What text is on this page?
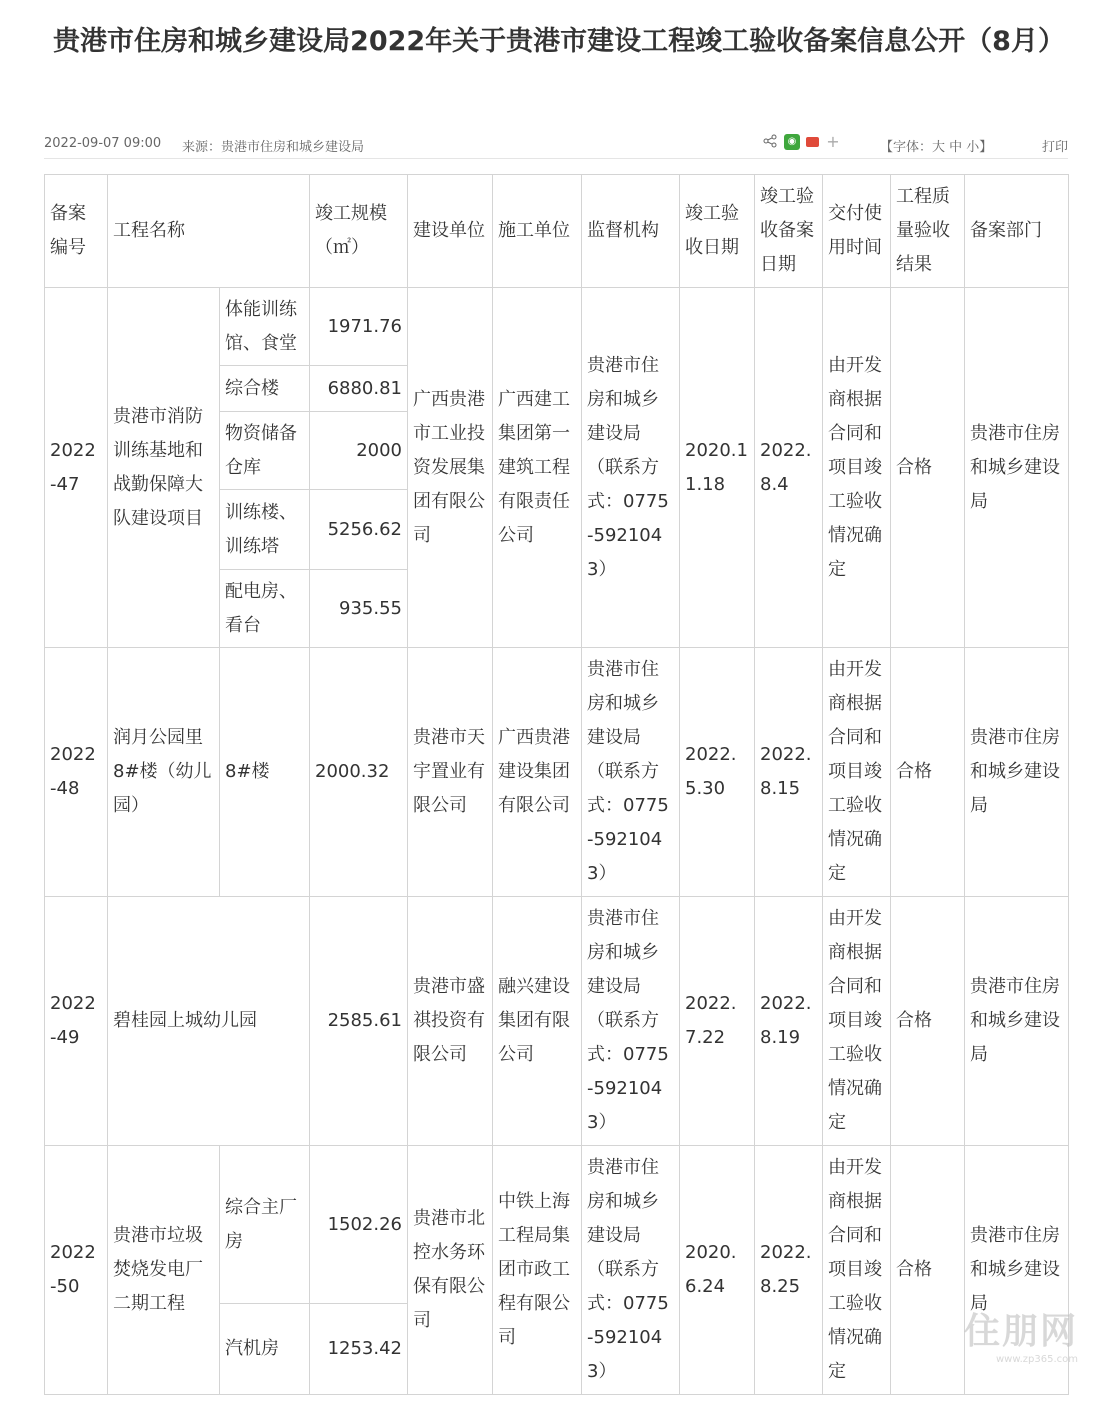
贵港市住房和城乡建设局2022年关于贵港市建设工程竣工验收备案信息公开（8月）
2022-09-07 09:00 来源：贵港市住房和城乡建设局	◉ +	【字体：大 中 小】	打印
备案编号	工程名称		竣工规模（㎡）	建设单位	施工单位	监督机构	竣工验收日期	竣工验收备案日期	交付使用时间	工程质量验收结果	备案部门
2022-47	贵港市消防训练基地和战勤保障大队建设项目	体能训练馆、食堂	1971.76	广西贵港市工业投资发展集团有限公司	广西建工集团第一建筑工程有限责任公司	贵港市住房和城乡建设局（联系方式：0775-5921043）	2020.11.18	2022.8.4	由开发商根据合同和项目竣工验收情况确定	合格	贵港市住房和城乡建设局
		综合楼	6880.81								
		物资储备仓库	2000								
		训练楼、训练塔	5256.62								
		配电房、看台	935.55								
2022-48	润月公园里8#楼（幼儿园）	8#楼	2000.32	贵港市天宇置业有限公司	广西贵港建设集团有限公司	贵港市住房和城乡建设局（联系方式：0775-5921043）	2022.5.30	2022.8.15	由开发商根据合同和项目竣工验收情况确定	合格	贵港市住房和城乡建设局
2022-49	碧桂园上城幼儿园		2585.61	贵港市盛祺投资有限公司	融兴建设集团有限公司	贵港市住房和城乡建设局（联系方式：0775-5921043）	2022.7.22	2022.8.19	由开发商根据合同和项目竣工验收情况确定	合格	贵港市住房和城乡建设局
2022-50	贵港市垃圾焚烧发电厂二期工程	综合主厂房	1502.26	贵港市北控水务环保有限公司	中铁上海工程局集团市政工程有限公司	贵港市住房和城乡建设局（联系方式：0775-5921043）	2020.6.24	2022.8.25	由开发商根据合同和项目竣工验收情况确定	合格	贵港市住房和城乡建设局
		汽机房	1253.42									住朋网
www.zp365.com
